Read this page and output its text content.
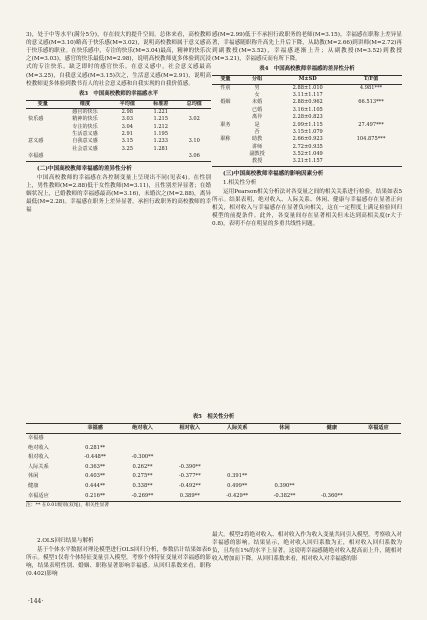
3)，处于中等水平(满分5分)，存在较大的提升空间。总体来看，高校教师的意义感(M=3.10)略高于快乐感(M=3.02)，说明高校教师属于意义感高于快乐感的职业。在快乐感中，专注的快乐(M=3.04)最高，精神的快乐次之(M=3.03)，感官的快乐最低(M=2.98)，说明高校教师更多体验到沉浸式的专注快乐，缺乏即时的感官快乐。在意义感中，社会意义感最高(M=3.25)，自我意义感(M=3.15)次之，生活意义感(M=2.91)，说明高校教师更多体验到教书育人的社会意义感和自我实现的自我价值感。

表3　中国高校教师的幸福感水平
变量	维度	平均值	标准差	总均值
	感官的快乐	2.98	1.221	
快乐感	精神的快乐	3.03	1.215	3.02
	专注的快乐	3.04	1.212	
	生活意义感	2.91	1.195	
意义感	自我意义感	3.15	1.233	3.10
	社会意义感	3.25	1.281	
幸福感				3.06
(二)中国高校教师幸福感的差异性分析

中国高校教师的幸福感在各控制变量上呈现出不同(见表4)。在性别上，男性教师(M=2.88)低于女性教师(M=3.11)，且性别差异显著；在婚姻状况上，已婚教师的幸福感最高(M=3.16)，未婚次之(M=2.88)，离异最低(M=2.28)。幸福感在职务上差异显著，承担行政职务的高校教师的幸福

感(M=2.99)低于不承担行政职务的老师(M=3.15)。幸福感在职称上差异显著，幸福感随职称升高先上升后下降，从助教(M=2.66)到讲师(M=2.72)再到副教授(M=3.52)，幸福感逐渐上升；从副教授(M=3.52)到教授(M=3.21)，幸福感反而有所下降。

表4　中国高校教师幸福感的差异性分析
变量	分组	M±SD	T/F值
性别	男	2.88±1.010	4.981***
	女	3.11±1.117	
婚姻	未婚	2.88±0.962	66.513***
	已婚	3.16±1.105	
	离异	2.28±0.823	
职务	是	2.99±1.115	27.497***
	否	3.15±1.079	
职称	助教	2.66±0.923	104.875***
	讲师	2.72±0.935	
	副教授	3.52±1.049	
	教授	3.21±1.157	
(三)中国高校教师幸福感的影响因素分析
1.相关性分析

运用Pearson相关分析法对各变量之间的相关关系进行检验，结果如表5所示。结果表明，绝对收入、人际关系、休闲、健康与幸福感存在显著正向相关，相对收入与幸福感存在显著负向相关，这在一定程度上满足检验回归模型的前提条件。此外，各变量间存在显著相关但未达到高相关度(r大于0.8)，表明不存在明显的多重共线性问题。

表5　相关性分析
	幸福感	绝对收入	相对收入	人际关系	休闲	健康	幸福适应
幸福感							
绝对收入	0.281**						
相对收入	-0.448**	-0.300**					
人际关系	0.363**	0.262**	-0.390**				
休闲	0.403**	0.275**	-0.377**	0.391**			
健康	0.444**	0.338**	-0.492**	0.499**	0.390**		
幸福适应	0.216**	-0.269**	0.389**	-0.429**	-0.382**	-0.360**	
注：** 在0.01级别(双尾)，相关性显著
2.OLS回归结果与解析

基于个体水平数据对理论模型进行OLS回归分析，参数估计结果如表6所示。模型1仅将个体特征变量引入模型，考察个体特征变量对幸福感的影响，结果表明性别、婚姻、职称显著影响幸福感。从回归系数来看，职称(0.402)影响

最大。模型2将绝对收入、相对收入作为收入变量共同引入模型，考察收入对幸福感的影响。结果显示，绝对收入回归系数为正，相对收入回归系数为负，且均在1%的水平上显著。这说明幸福感随绝对收入提高而上升，随相对收入增加而下降。从回归系数来看，相对收入对幸福感的影

·144·
